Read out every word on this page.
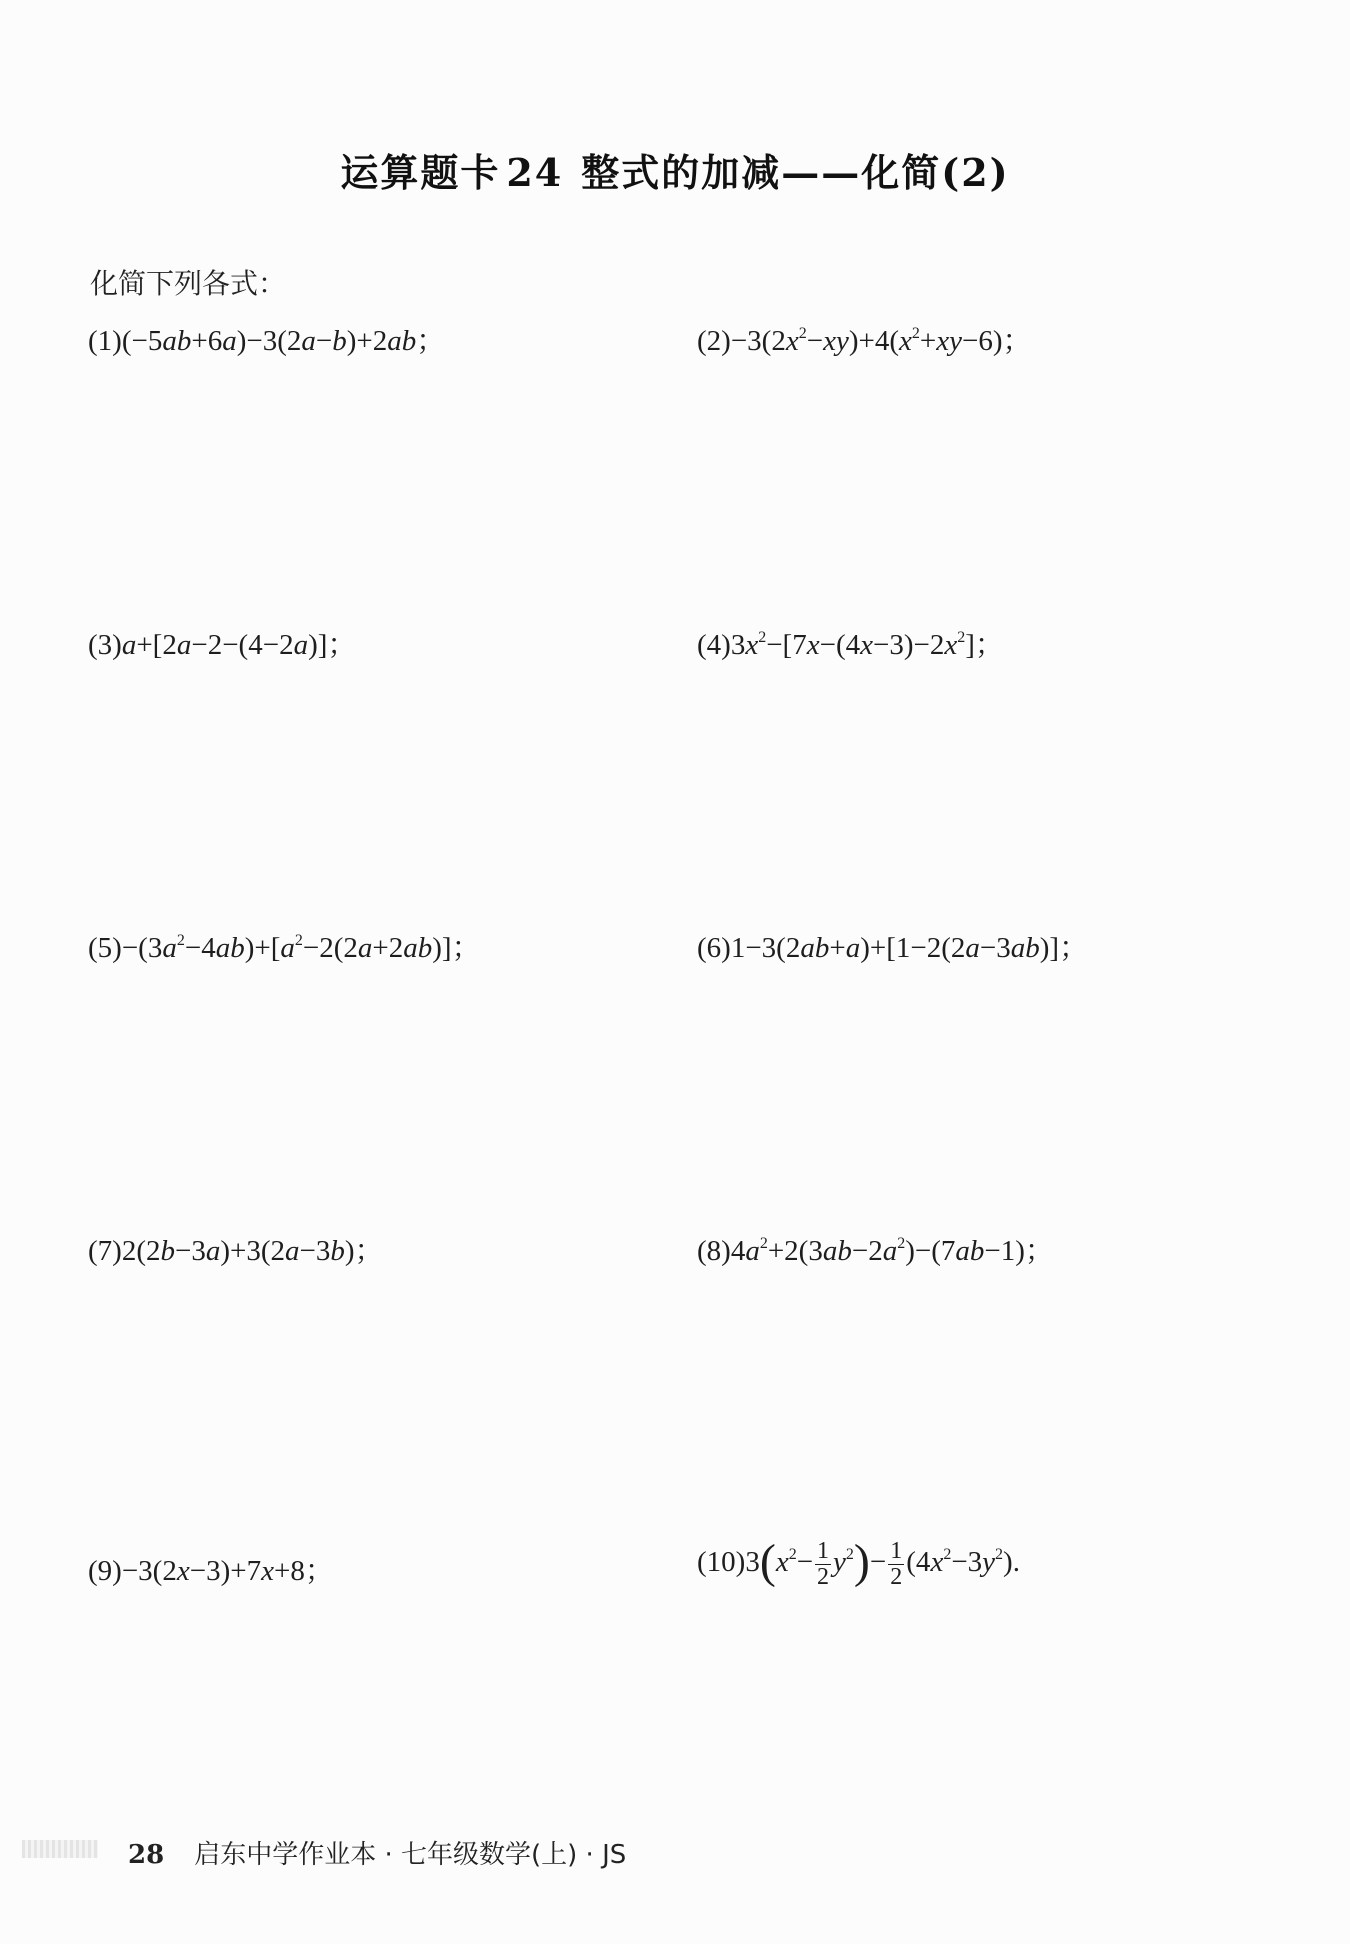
运算题卡 24 整式的加减——化简(2)
化简下列各式：
(1)(−5ab+6a)−3(2a−b)+2ab；	$(2)-3(2x^2-xy)+4(x^2+xy-6)$；
(3)a+[2a−2−(4−2a)]；	$(4)3x^2-[7x-(4x-3)-2x^2]$；
$(5)-(3a^2-4ab)+[a^2-2(2a+2ab)]$；	(6)1−3(2ab+a)+[1−2(2a−3ab)]；
(7)2(2b−3a)+3(2a−3b)；	$(8)4a^2+2(3ab-2a^2)-(7ab-1)$；
(9)−3(2x−3)+7x+8；	$(10)3(x^2- \frac{1}{2} y^2)- \frac{1}{2} (4x^2-3y^2)$.
28 启东中学作业本 · 七年级数学(上) · JS
